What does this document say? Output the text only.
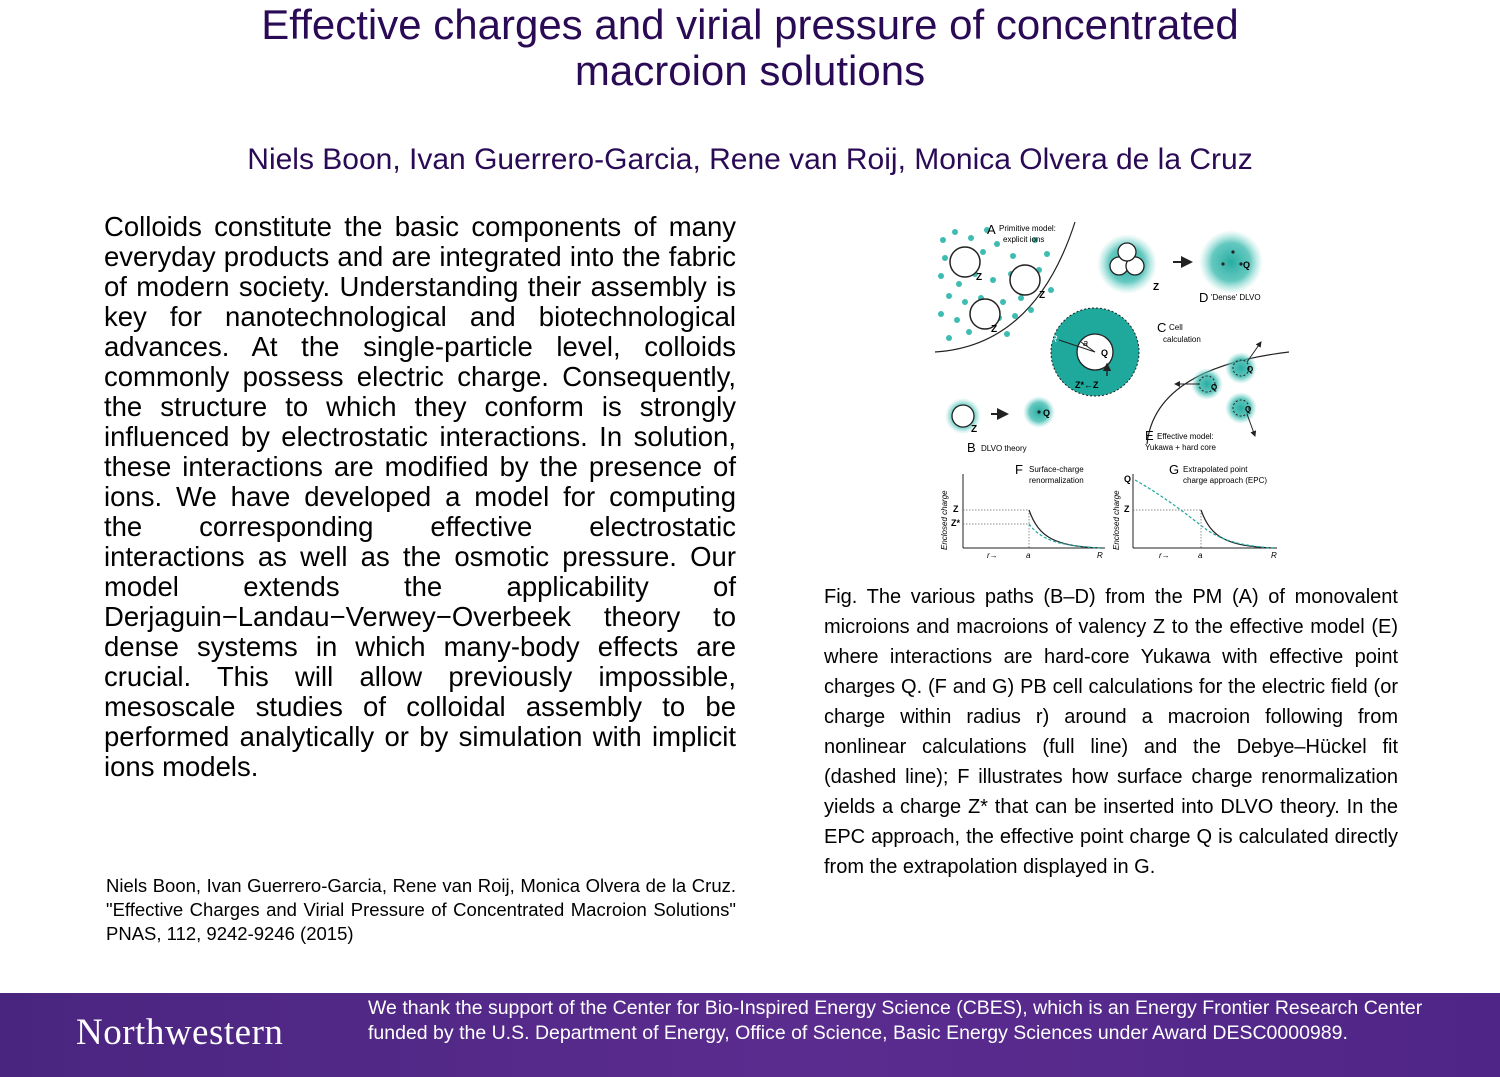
Effective charges and virial pressure of concentrated
macroion solutions
Niels Boon, Ivan Guerrero-Garcia, Rene van Roij, Monica Olvera de la Cruz

Colloids constitute the basic components of many everyday products and are integrated into the fabric of modern society. Understanding their assembly is key for nanotechnological and biotechnological advances. At the single-particle level, colloids commonly possess electric charge. Consequently, the structure to which they conform is strongly influenced by electrostatic interactions. In solution, these interactions are modified by the presence of ions. We have developed a model for computing the corresponding effective electrostatic interactions as well as the osmotic pressure. Our model extends the applicability of Derjaguin−Landau−Verwey−Overbeek theory to dense systems in which many-body effects are crucial. This will allow previously impossible, mesoscale studies of colloidal assembly to be performed analytically or by simulation with implicit ions models.

Niels Boon, Ivan Guerrero-Garcia, Rene van Roij, Monica Olvera de la Cruz. "Effective Charges and Virial Pressure of Concentrated Macroion Solutions" PNAS, 112, 9242-9246 (2015)

Z
Z
Z
A Primitive model:
explicit ions
Z
Q
D 'Dense' DLVO
R	a
Q
Z*←Z
C Cell
calculation
Q
Q
Q
E Effective model:
Yukawa + hard core
Z
Q
B DLVO theory
Enclosed charge Z
Z*
r→	a	R
F Surface-charge
renormalization
Enclosed charge
Q
Z
r→	a	R
G Extrapolated point
charge approach (EPC)

Fig. The various paths (B–D) from the PM (A) of monovalent microions and macroions of valency Z to the effective model (E) where interactions are hard-core Yukawa with effective point charges Q. (F and G) PB cell calculations for the electric field (or charge within radius r) around a macroion following from nonlinear calculations (full line) and the Debye–Hückel fit (dashed line); F illustrates how surface charge renormalization yields a charge Z* that can be inserted into DLVO theory. In the EPC approach, the effective point charge Q is calculated directly from the extrapolation displayed in G.

Northwestern

We thank the support of the Center for Bio-Inspired Energy Science (CBES), which is an Energy Frontier Research Center funded by the U.S. Department of Energy, Office of Science, Basic Energy Sciences under Award DESC0000989.
